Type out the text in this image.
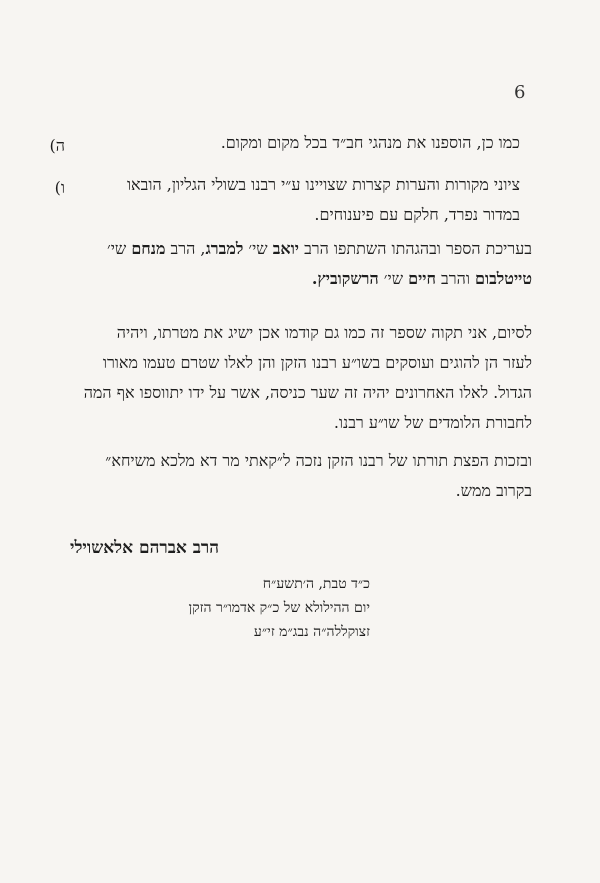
6
ה)	כמו כן, הוספנו את מנהגי חב״ד בכל מקום ומקום.
ו)	ציוני מקורות והערות קצרות שצויינו ע״י רבנו בשולי הגליון, הובאו
במדור נפרד, חלקם עם פיענוחים.
בעריכת הספר ובהגהתו השתתפו הרב יואב שי׳ למברג, הרב מנחם שי׳
טייטלבום והרב חיים שי׳ הרשקוביץ.
לסיום, אני תקוה שספר זה כמו גם קודמו אכן ישיג את מטרתו, ויהיה
לעזר הן להוגים ועוסקים בשו״ע רבנו הזקן והן לאלו שטרם טעמו מאורו
הגדול. לאלו האחרונים יהיה זה שער כניסה, אשר על ידו יתווספו אף המה
לחבורת הלומדים של שו״ע רבנו.
ובזכות הפצת תורתו של רבנו הזקן נזכה ל״קאתי מר דא מלכא משיחא״
בקרוב ממש.
הרב אברהם אלאשוילי
כ״ד טבת, ה׳תשע״ח
יום ההילולא של כ״ק אדמו״ר הזקן
זצוקללה״ה נבג״מ זי״ע
